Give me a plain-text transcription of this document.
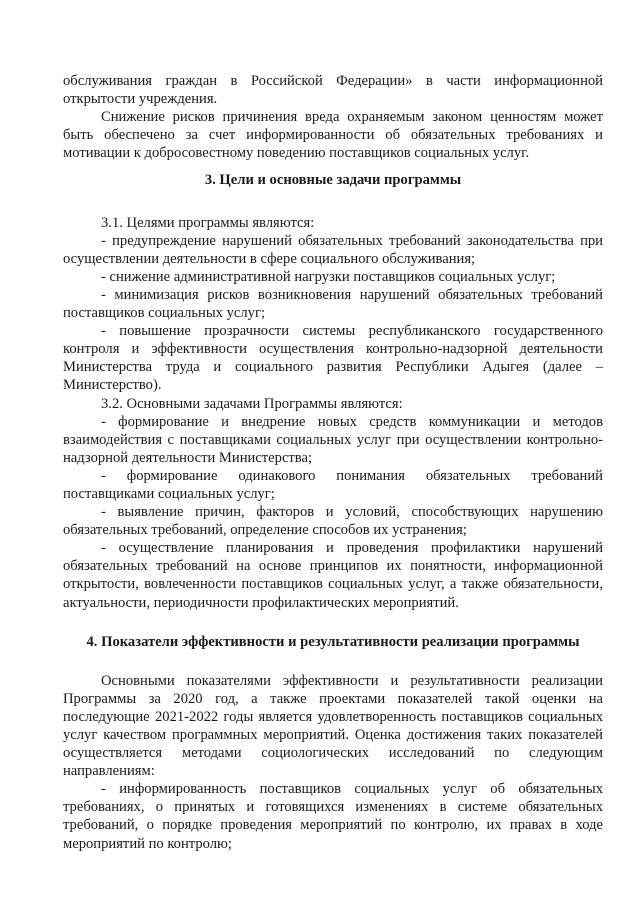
обслуживания граждан в Российской Федерации» в части информационной открытости учреждения.

Снижение рисков причинения вреда охраняемым законом ценностям может быть обеспечено за счет информированности об обязательных требованиях и мотивации к добросовестному поведению поставщиков социальных услуг.

3. Цели и основные задачи программы

3.1. Целями программы являются:

- предупреждение нарушений обязательных требований законодательства при осуществлении деятельности в сфере социального обслуживания;

- снижение административной нагрузки поставщиков социальных услуг;

- минимизация рисков возникновения нарушений обязательных требований поставщиков социальных услуг;

- повышение прозрачности системы республиканского государственного контроля и эффективности осуществления контрольно-надзорной деятельности Министерства труда и социального развития Республики Адыгея (далее – Министерство).

3.2. Основными задачами Программы являются:

- формирование и внедрение новых средств коммуникации и методов взаимодействия с поставщиками социальных услуг при осуществлении контрольно-надзорной деятельности Министерства;

- формирование одинакового понимания обязательных требований поставщиками социальных услуг;

- выявление причин, факторов и условий, способствующих нарушению обязательных требований, определение способов их устранения;

- осуществление планирования и проведения профилактики нарушений обязательных требований на основе принципов их понятности, информационной открытости, вовлеченности поставщиков социальных услуг, а также обязательности, актуальности, периодичности профилактических мероприятий.

4. Показатели эффективности и результативности реализации программы

Основными показателями эффективности и результативности реализации Программы за 2020 год, а также проектами показателей такой оценки на последующие 2021-2022 годы является удовлетворенность поставщиков социальных услуг качеством программных мероприятий. Оценка достижения таких показателей осуществляется методами социологических исследований по следующим направлениям:

- информированность поставщиков социальных услуг об обязательных требованиях, о принятых и готовящихся изменениях в системе обязательных требований, о порядке проведения мероприятий по контролю, их правах в ходе мероприятий по контролю;
